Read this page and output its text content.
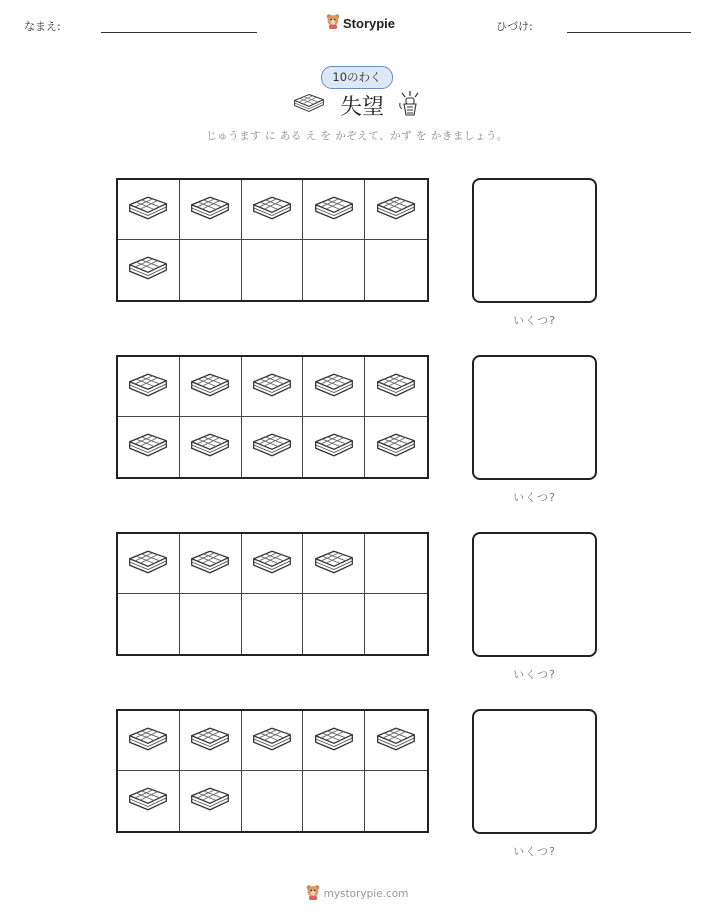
なまえ:	Storypie	ひづけ:
10のわく
失望
じゅうます に ある え を かぞえて、かず を かきましょう。
いくつ?
いくつ?
いくつ?
いくつ?
mystorypie.com
